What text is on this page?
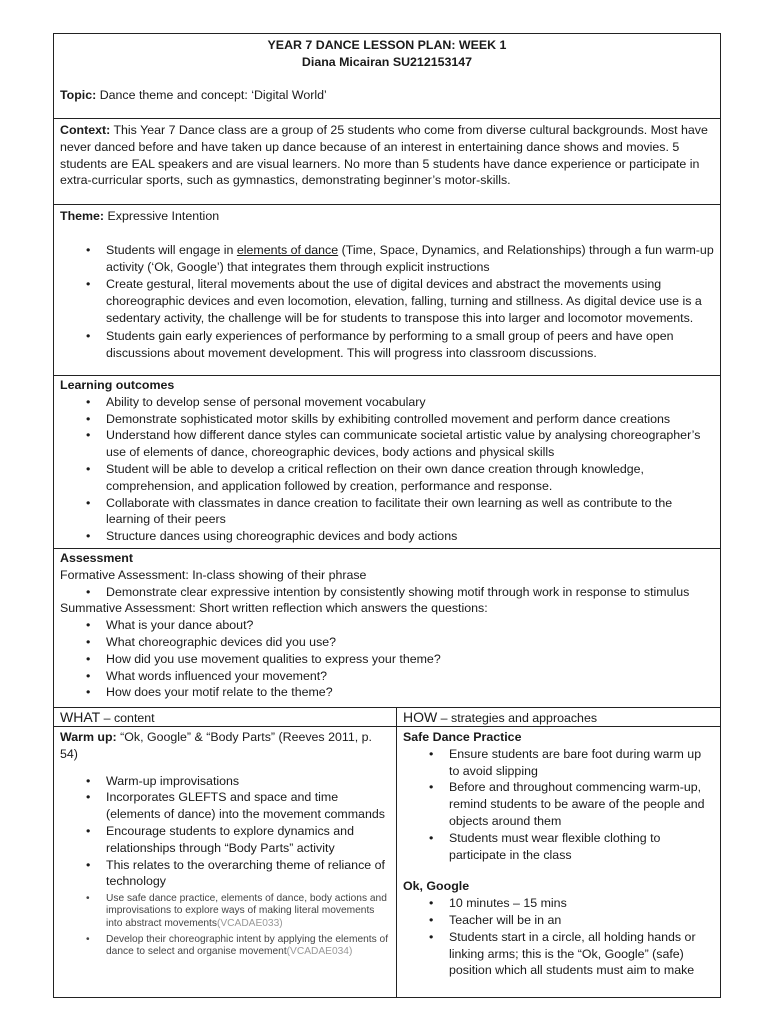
YEAR 7 DANCE LESSON PLAN: WEEK 1
Diana Micairan SU212153147
Topic: Dance theme and concept: ‘Digital World’
Context: This Year 7 Dance class are a group of 25 students who come from diverse cultural backgrounds. Most have never danced before and have taken up dance because of an interest in entertaining dance shows and movies. 5 students are EAL speakers and are visual learners. No more than 5 students have dance experience or participate in extra-curricular sports, such as gymnastics, demonstrating beginner’s motor-skills.
Theme: Expressive Intention
• Students will engage in elements of dance (Time, Space, Dynamics, and Relationships) through a fun warm-up activity (‘Ok, Google’) that integrates them through explicit instructions
• Create gestural, literal movements about the use of digital devices and abstract the movements using choreographic devices and even locomotion, elevation, falling, turning and stillness. As digital device use is a sedentary activity, the challenge will be for students to transpose this into larger and locomotor movements.
• Students gain early experiences of performance by performing to a small group of peers and have open discussions about movement development. This will progress into classroom discussions.
Learning outcomes
• Ability to develop sense of personal movement vocabulary
• Demonstrate sophisticated motor skills by exhibiting controlled movement and perform dance creations
• Understand how different dance styles can communicate societal artistic value by analysing choreographer’s use of elements of dance, choreographic devices, body actions and physical skills
• Student will be able to develop a critical reflection on their own dance creation through knowledge, comprehension, and application followed by creation, performance and response.
• Collaborate with classmates in dance creation to facilitate their own learning as well as contribute to the learning of their peers
• Structure dances using choreographic devices and body actions
Assessment
Formative Assessment: In-class showing of their phrase
• Demonstrate clear expressive intention by consistently showing motif through work in response to stimulus
Summative Assessment: Short written reflection which answers the questions:
• What is your dance about?
• What choreographic devices did you use?
• How did you use movement qualities to express your theme?
• What words influenced your movement?
• How does your motif relate to the theme?
WHAT – content	HOW – strategies and approaches
Warm up: “Ok, Google” & “Body Parts” (Reeves 2011, p. 54)
• Warm-up improvisations
• Incorporates GLEFTS and space and time (elements of dance) into the movement commands
• Encourage students to explore dynamics and relationships through “Body Parts” activity
• This relates to the overarching theme of reliance of technology
• Use safe dance practice, elements of dance, body actions and improvisations to explore ways of making literal movements into abstract movements(VCADAE033)
• Develop their choreographic intent by applying the elements of dance to select and organise movement(VCADAE034)
Safe Dance Practice
• Ensure students are bare foot during warm up to avoid slipping
• Before and throughout commencing warm-up, remind students to be aware of the people and objects around them
• Students must wear flexible clothing to participate in the class
Ok, Google
• 10 minutes – 15 mins
• Teacher will be in an
• Students start in a circle, all holding hands or linking arms; this is the “Ok, Google” (safe) position which all students must aim to make
